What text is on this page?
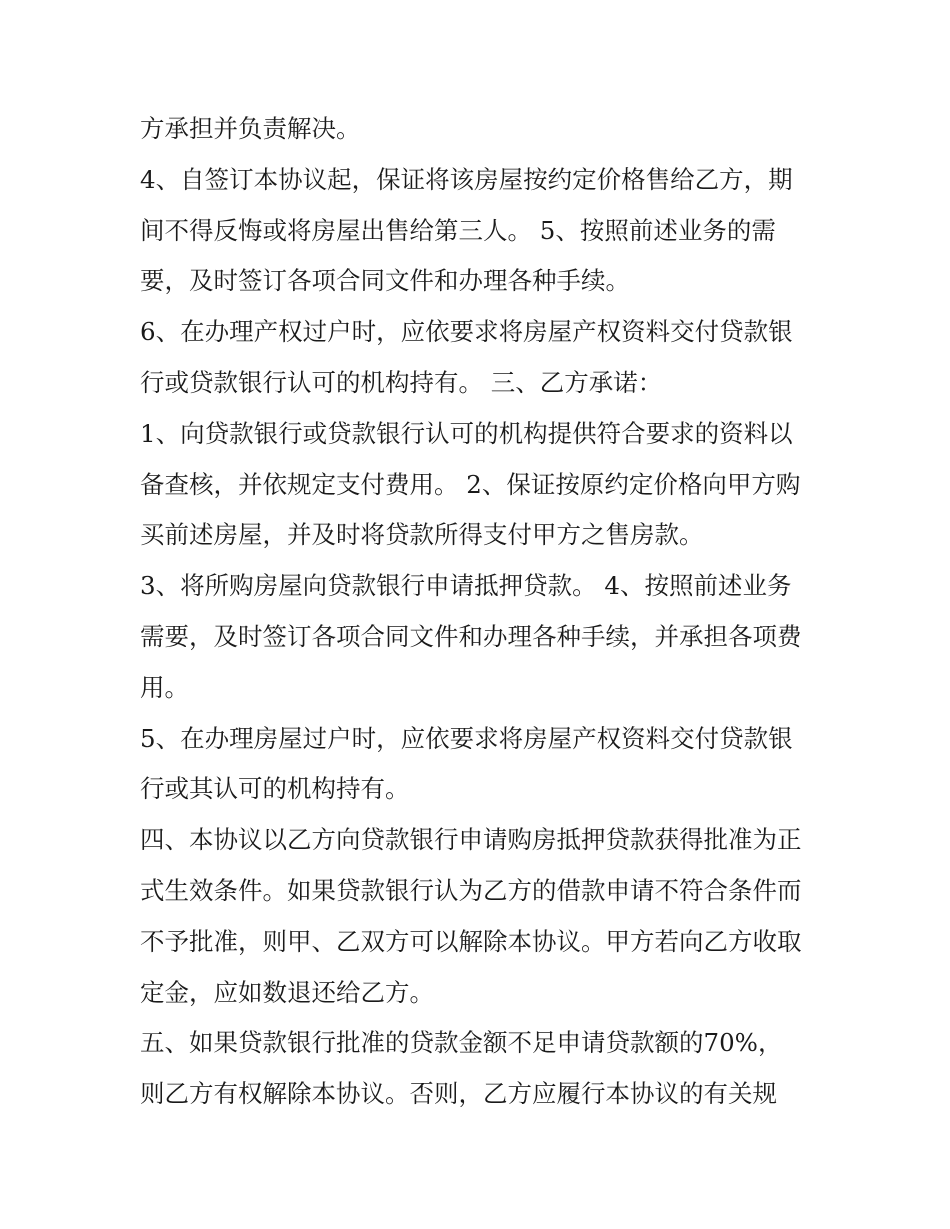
方承担并负责解决。
4、自签订本协议起，保证将该房屋按约定价格售给乙方，期
间不得反悔或将房屋出售给第三人。 5、按照前述业务的需
要，及时签订各项合同文件和办理各种手续。
6、在办理产权过户时，应依要求将房屋产权资料交付贷款银
行或贷款银行认可的机构持有。 三、乙方承诺：
1、向贷款银行或贷款银行认可的机构提供符合要求的资料以
备查核，并依规定支付费用。 2、保证按原约定价格向甲方购
买前述房屋，并及时将贷款所得支付甲方之售房款。
3、将所购房屋向贷款银行申请抵押贷款。 4、按照前述业务
需要，及时签订各项合同文件和办理各种手续，并承担各项费
用。
5、在办理房屋过户时，应依要求将房屋产权资料交付贷款银
行或其认可的机构持有。
四、本协议以乙方向贷款银行申请购房抵押贷款获得批准为正
式生效条件。如果贷款银行认为乙方的借款申请不符合条件而
不予批准，则甲、乙双方可以解除本协议。甲方若向乙方收取
定金，应如数退还给乙方。
五、如果贷款银行批准的贷款金额不足申请贷款额的70%，
则乙方有权解除本协议。否则，乙方应履行本协议的有关规
